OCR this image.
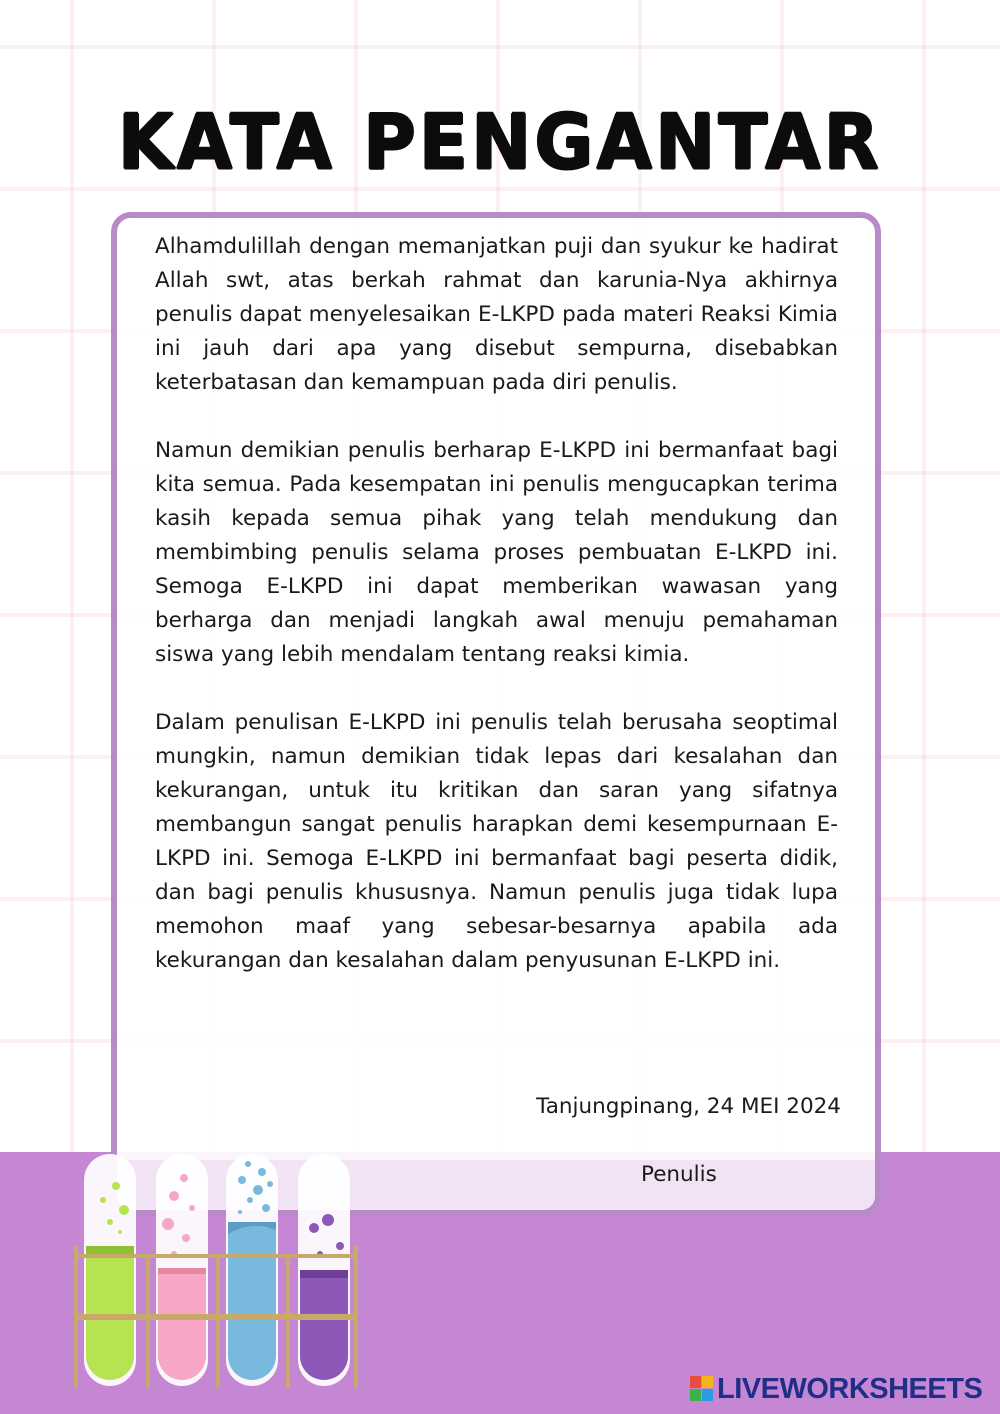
KATA PENGANTAR

Alhamdulillah dengan memanjatkan puji dan syukur ke hadirat Allah swt, atas berkah rahmat dan karunia-Nya akhirnya penulis dapat menyelesaikan E-LKPD pada materi Reaksi Kimia ini jauh dari apa yang disebut sempurna, disebabkan keterbatasan dan kemampuan pada diri penulis.

Namun demikian penulis berharap E-LKPD ini bermanfaat bagi kita semua. Pada kesempatan ini penulis mengucapkan terima kasih kepada semua pihak yang telah mendukung dan membimbing penulis selama proses pembuatan E-LKPD ini. Semoga E-LKPD ini dapat memberikan wawasan yang berharga dan menjadi langkah awal menuju pemahaman siswa yang lebih mendalam tentang reaksi kimia.

Dalam penulisan E-LKPD ini penulis telah berusaha seoptimal mungkin, namun demikian tidak lepas dari kesalahan dan kekurangan, untuk itu kritikan dan saran yang sifatnya membangun sangat penulis harapkan demi kesempurnaan E-LKPD ini. Semoga E-LKPD ini bermanfaat bagi peserta didik, dan bagi penulis khususnya. Namun penulis juga tidak lupa memohon maaf yang sebesar-besarnya apabila ada kekurangan dan kesalahan dalam penyusunan E-LKPD ini.

Tanjungpinang, 24 MEI 2024
Penulis
LIVEWORKSHEETS
